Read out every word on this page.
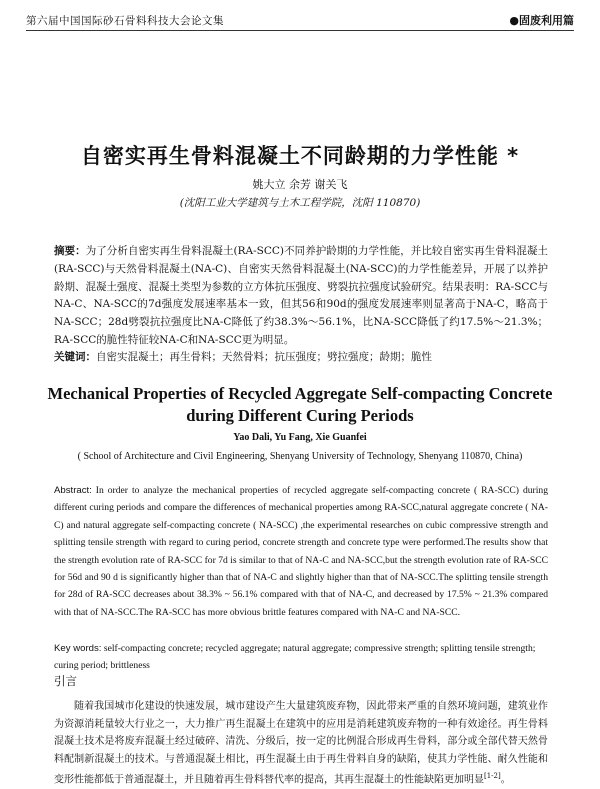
第六届中国国际砂石骨料科技大会论文集	●固废利用篇
自密实再生骨料混凝土不同龄期的力学性能 *
姚大立 余芳 谢关飞
(沈阳工业大学建筑与土木工程学院，沈阳 110870)
摘要：为了分析自密实再生骨料混凝土(RA-SCC)不同养护龄期的力学性能，并比较自密实再生骨料混凝土(RA-SCC)与天然骨料混凝土(NA-C)、自密实天然骨料混凝土(NA-SCC)的力学性能差异，开展了以养护龄期、混凝土强度、混凝土类型为参数的立方体抗压强度、劈裂抗拉强度试验研究。结果表明：RA-SCC与NA-C、NA-SCC的7d强度发展速率基本一致，但其56和90d的强度发展速率则显著高于NA-C，略高于NA-SCC；28d劈裂抗拉强度比NA-C降低了约38.3%～56.1%，比NA-SCC降低了约17.5%～21.3%；RA-SCC的脆性特征较NA-C和NA-SCC更为明显。
关键词：自密实混凝土；再生骨料；天然骨料；抗压强度；劈拉强度；龄期；脆性
Mechanical Properties of Recycled Aggregate Self-compacting Concrete
during Different Curing Periods
Yao Dali, Yu Fang, Xie Guanfei
( School of Architecture and Civil Engineering, Shenyang University of Technology, Shenyang 110870, China)
Abstract: In order to analyze the mechanical properties of recycled aggregate self-compacting concrete ( RA-SCC) during different curing periods and compare the differences of mechanical properties among RA-SCC,natural aggregate concrete ( NA-C) and natural aggregate self-compacting concrete ( NA-SCC) ,the experimental researches on cubic compressive strength and splitting tensile strength with regard to curing period, concrete strength and concrete type were performed.The results show that the strength evolution rate of RA-SCC for 7d is similar to that of NA-C and NA-SCC,but the strength evolution rate of RA-SCC for 56d and 90 d is significantly higher than that of NA-C and slightly higher than that of NA-SCC.The splitting tensile strength for 28d of RA-SCC decreases about 38.3% ~ 56.1% compared with that of NA-C, and decreased by 17.5% ~ 21.3% compared with that of NA-SCC.The RA-SCC has more obvious brittle features compared with NA-C and NA-SCC.
Key words: self-compacting concrete; recycled aggregate; natural aggregate; compressive strength; splitting tensile strength; curing period; brittleness
引言
随着我国城市化建设的快速发展，城市建设产生大量建筑废弃物，因此带来严重的自然环境问题，建筑业作为资源消耗量较大行业之一，大力推广再生混凝土在建筑中的应用是消耗建筑废弃物的一种有效途径。再生骨料混凝土技术是将废弃混凝土经过破碎、清洗、分级后，按一定的比例混合形成再生骨料，部分或全部代替天然骨料配制新混凝土的技术。与普通混凝土相比，再生混凝土由于再生骨料自身的缺陷，使其力学性能、耐久性能和变形性能都低于普通混凝土，并且随着再生骨料替代率的提高，其再生混凝土的性能缺陷更加明显[1-2]。
